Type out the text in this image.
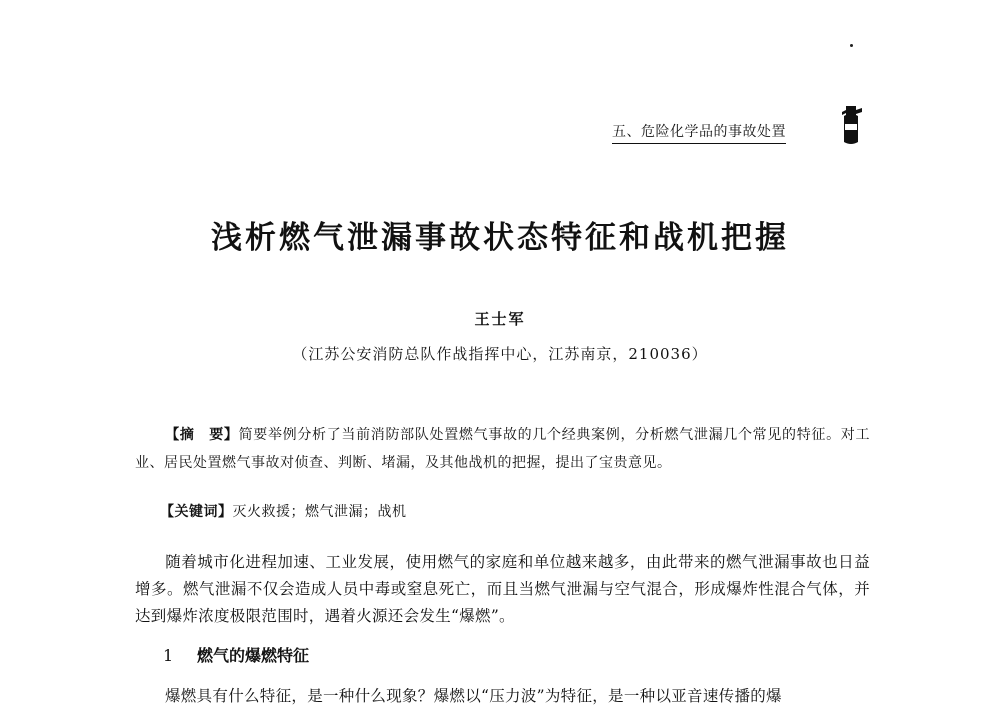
五、危险化学品的事故处置
浅析燃气泄漏事故状态特征和战机把握
王士军
（江苏公安消防总队作战指挥中心，江苏南京，210036）
【摘　要】简要举例分析了当前消防部队处置燃气事故的几个经典案例，分析燃气泄漏几个常见的特征。对工业、居民处置燃气事故对侦查、判断、堵漏，及其他战机的把握，提出了宝贵意见。
【关键词】灭火救援；燃气泄漏；战机
随着城市化进程加速、工业发展，使用燃气的家庭和单位越来越多，由此带来的燃气泄漏事故也日益增多。燃气泄漏不仅会造成人员中毒或窒息死亡，而且当燃气泄漏与空气混合，形成爆炸性混合气体，并达到爆炸浓度极限范围时，遇着火源还会发生“爆燃”。
1 燃气的爆燃特征
爆燃具有什么特征，是一种什么现象？爆燃以“压力波”为特征，是一种以亚音速传播的爆
